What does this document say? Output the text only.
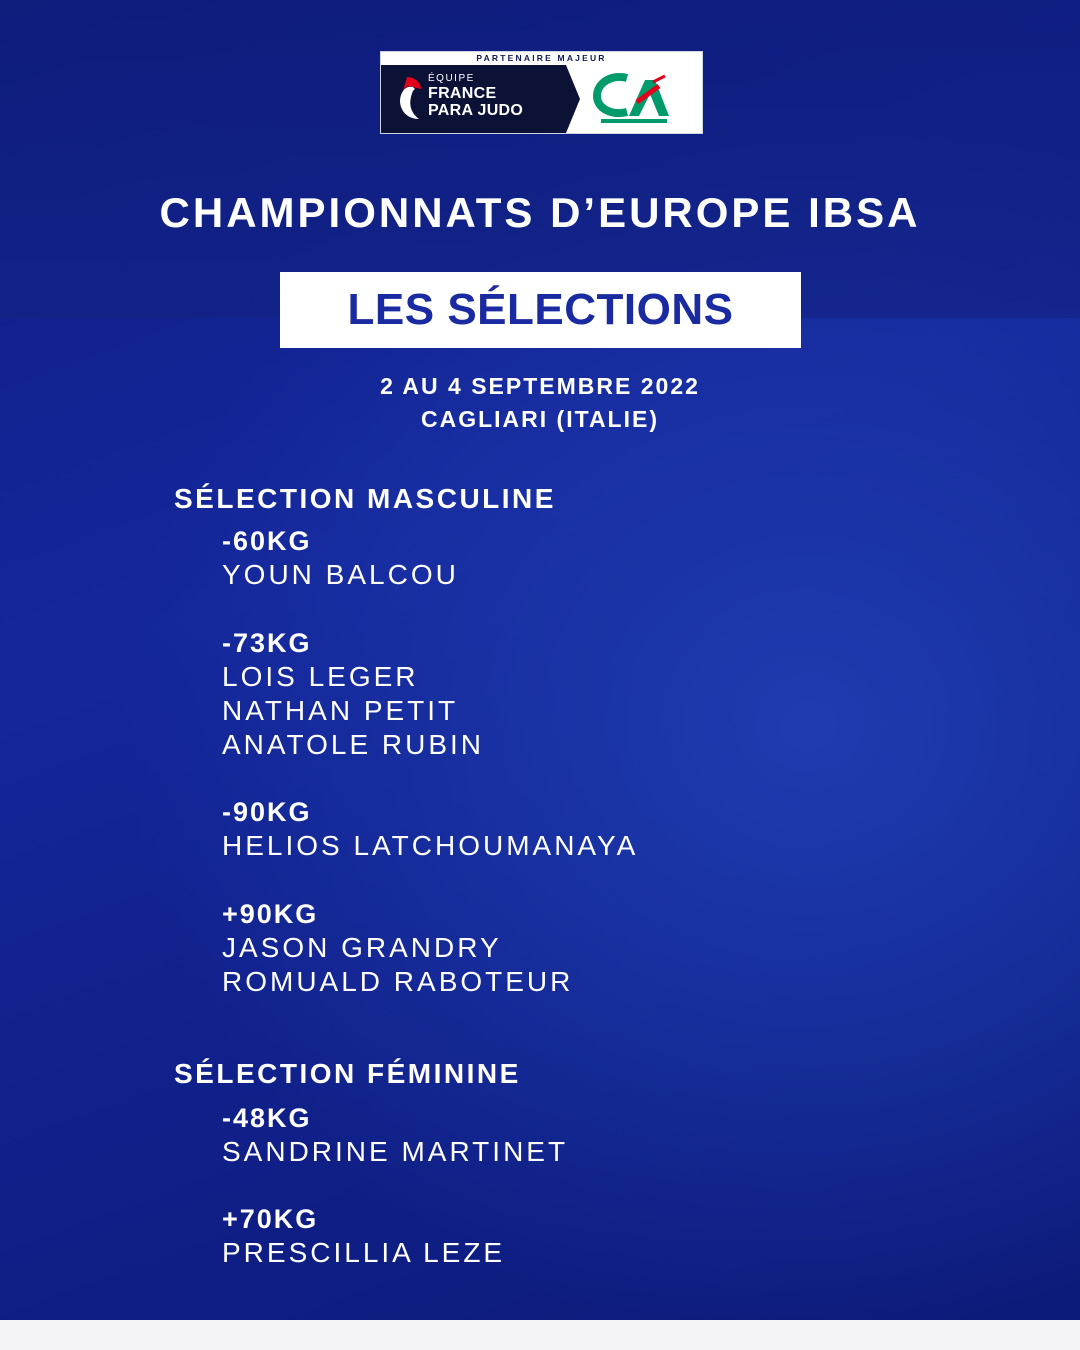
PARTENAIRE MAJEUR
ÉQUIPE
FRANCE
PARA JUDO
CHAMPIONNATS D’EUROPE IBSA
LES SÉLECTIONS
2 AU 4 SEPTEMBRE 2022
CAGLIARI (ITALIE)
SÉLECTION MASCULINE
-60KG
YOUN BALCOU
-73KG
LOIS LEGER
NATHAN PETIT
ANATOLE RUBIN
-90KG
HELIOS LATCHOUMANAYA
+90KG
JASON GRANDRY
ROMUALD RABOTEUR
SÉLECTION FÉMININE
-48KG
SANDRINE MARTINET
+70KG
PRESCILLIA LEZE
